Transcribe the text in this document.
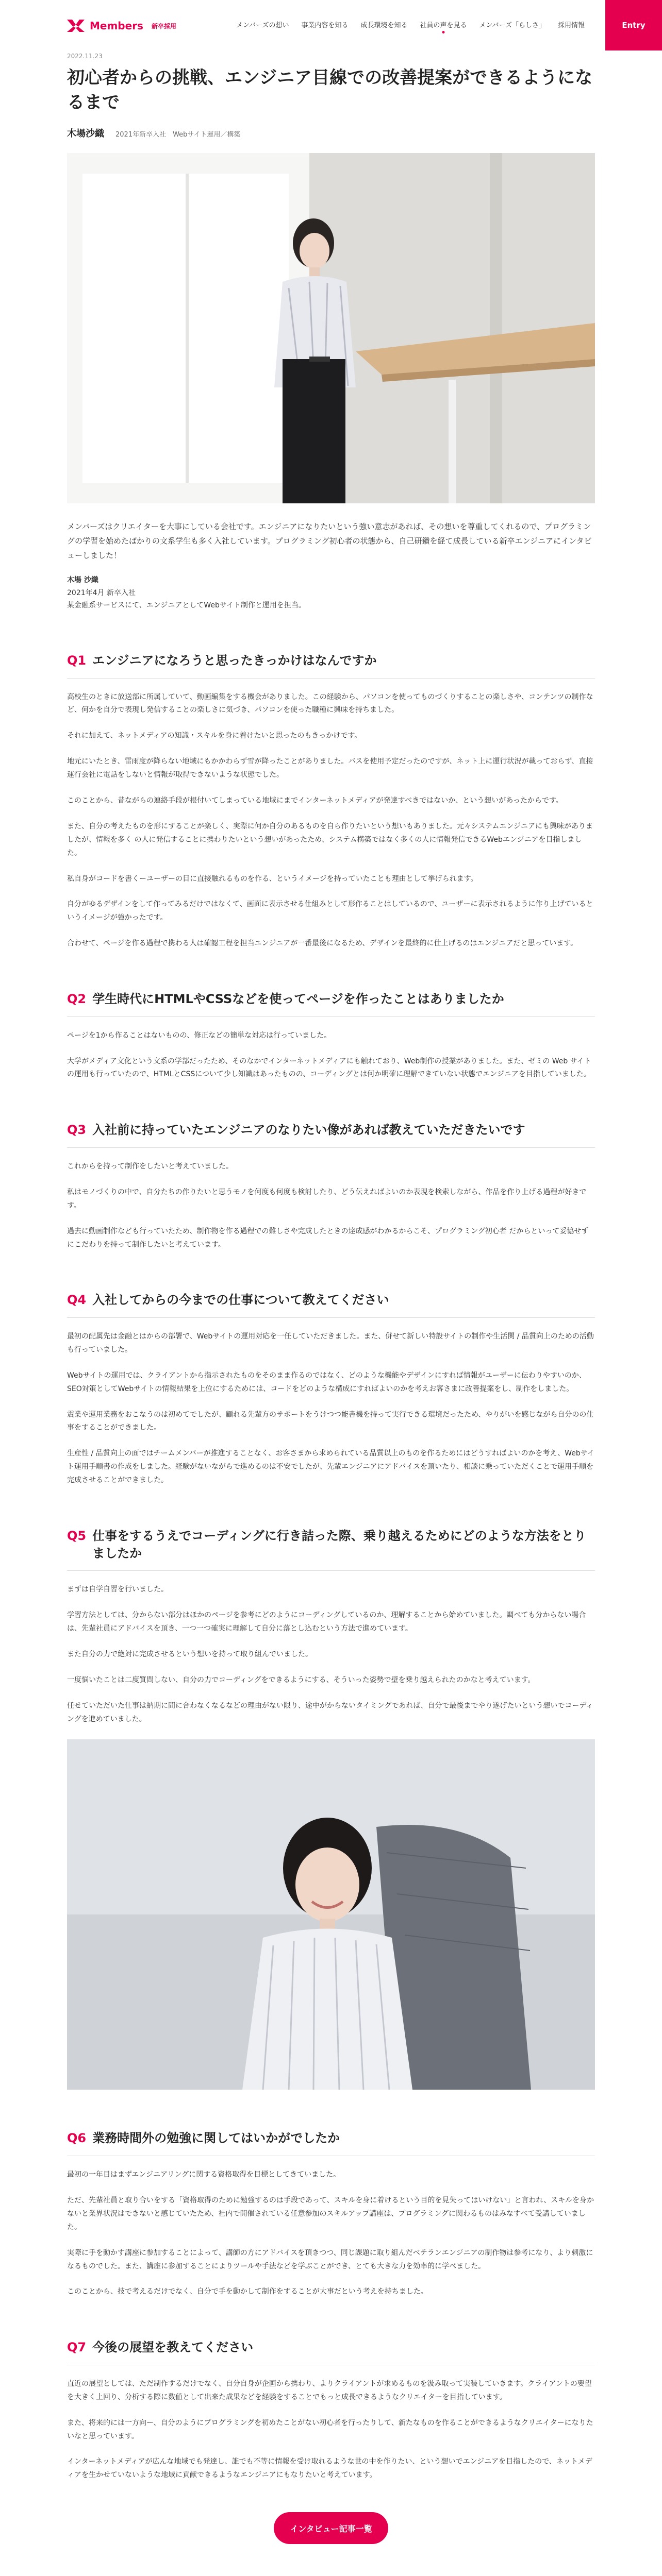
Members 新卒採用	メンバーズの想い 事業内容を知る 成長環境を知る 社員の声を見る メンバーズ「らしさ」 採用情報	Entry
2022.11.23
初心者からの挑戦、エンジニア目線での改善提案ができるようになるまで
木場沙織 2021年新卒入社　Webサイト運用／構築

メンバーズはクリエイターを大事にしている会社です。エンジニアになりたいという強い意志があれば、その想いを尊重してくれるので、プログラミングの学習を始めたばかりの文系学生も多く入社しています。プログラミング初心者の状態から、自己研鑽を経て成長している新卒エンジニアにインタビューしました！

木場 沙織
2021年4月 新卒入社
某金融系サービスにて、エンジニアとしてWebサイト制作と運用を担当。
Q1 エンジニアになろうと思ったきっかけはなんですか

高校生のときに放送部に所属していて、動画編集をする機会がありました。この経験から、パソコンを使ってものづくりすることの楽しさや、コンテンツの制作など、何かを自分で表現し発信することの楽しさに気づき、パソコンを使った職種に興味を持ちました。

それに加えて、ネットメディアの知識・スキルを身に着けたいと思ったのもきっかけです。

地元にいたとき、雷雨度が降らない地域にもかかわらず雪が降ったことがありました。バスを使用予定だったのですが、ネット上に運行状況が載っておらず、直接運行会社に電話をしないと情報が取得できないような状態でした。

このことから、昔ながらの連絡手段が根付いてしまっている地域にまでインターネットメディアが発達すべきではないか、という想いがあったからです。

また、自分の考えたものを形にすることが楽しく、実際に何か自分のあるものを自ら作りたいという想いもありました。元々システムエンジニアにも興味がありましたが、情報を多く の人に発信することに携わりたいという想いがあったため、システム構築ではなく多くの人に情報発信できるWebエンジニアを目指しました。

私自身がコードを書くーユーザーの目に直接触れるものを作る、というイメージを持っていたことも理由として挙げられます。

自分がゆるデザインをして作ってみるだけではなくて、画面に表示させる仕組みとして形作ることはしているので、ユーザーに表示されるように作り上げているというイメージが強かったです。

合わせて、ページを作る過程で携わる人は確認工程を担当エンジニアが一番最後になるため、デザインを最終的に仕上げるのはエンジニアだと思っています。

Q2 学生時代にHTMLやCSSなどを使ってページを作ったことはありましたか

ページを1から作ることはないものの、修正などの簡単な対応は行っていました。

大学がメディア文化という文系の学部だったため、そのなかでインターネットメディアにも触れており、Web制作の授業がありました。また、ゼミの Web サイトの運用も行っていたので、HTMLとCSSについて少し知識はあったものの、コーディングとは何か明確に理解できていない状態でエンジニアを目指していました。

Q3 入社前に持っていたエンジニアのなりたい像があれば教えていただきたいです

これからを持って制作をしたいと考えていました。

私はモノづくりの中で、自分たちの作りたいと思うモノを何度も何度も検討したり、どう伝えればよいのか表現を検索しながら、作品を作り上げる過程が好きです。

過去に動画制作なども行っていたため、制作物を作る過程での難しさや完成したときの達成感がわかるからこそ、プログラミング初心者 だからといって妥協せずにこだわりを持って制作したいと考えています。

Q4 入社してからの今までの仕事について教えてください

最初の配属先は金融とはからの部署で、Webサイトの運用対応を一任していただきました。また、併せて新しい特設サイトの制作や生活関 / 品質向上のための活動も行っていました。

Webサイトの運用では、クライアントから指示されたものをそのまま作るのではなく、どのような機能やデザインにすれば情報がユーザーに伝わりやすいのか、SEO対策としてWebサイトの情報結果を上位にするためには、コードをどのような構成にすればよいのかを考えお客さまに改善提案をし、制作をしました。

震業や運用業務をおこなうのは初めてでしたが、顧れる先輩方のサポートをうけつつ能書機を持って実行できる環境だったため、やりがいを感じながら自分のの仕事をすることができました。

生産性 / 品質向上の面ではチームメンバーが推進することなく、お客さまから求められている品質以上のものを作るためにはどうすればよいのかを考え、Webサイト運用手順書の作成をしました。経験がないながらで進めるのは不安でしたが、先輩エンジニアにアドバイスを頂いたり、相談に乗っていただくことで運用手順を完成させることができました。

Q5 仕事をするうえでコーディングに行き詰った際、乗り越えるためにどのような方法をとりましたか

まずは自学自習を行いました。

学習方法としては、分からない部分はほかのページを参考にどのようにコーディングしているのか、理解することから始めていました。調べても分からない場合は、先輩社員にアドバイスを頂き、一つ一つ確実に理解して自分に落とし込むという方法で進めています。

また自分の力で絶対に完成させるという想いを持って取り組んでいました。

一度悩いたことは二度質問しない、自分の力でコーディングをできるようにする、そういった姿勢で壁を乗り越えられたのかなと考えています。

任せていただいた仕事は納期に間に合わなくなるなどの理由がない限り、途中がからないタイミングであれば、自分で最後までやり遂げたいという想いでコーディングを進めていました。

Q6 業務時間外の勉強に関してはいかがでしたか

最初の一年目はまずエンジニアリングに関する資格取得を目標としてきていました。

ただ、先輩社員と取り合いをする「資格取得のために勉強するのは手段であって、スキルを身に着けるという目的を見失ってはいけない」と言われ、スキルを身かないと業界状況はできないと感じていたため、社内で開催されている任意参加のスキルアップ講座は、プログラミングに関わるものはみなすべて受講していました。

実際に手を動かす講座に参加することによって、講師の方にアドバイスを頂きつつ、同じ課題に取り組んだベテランエンジニアの制作物は参考になり、より刺激になるものでした。また、講座に参加することによりツールや手法などを学ぶことができ、とても大きな力を効率的に学べました。

このことから、技で考えるだけでなく、自分で手を動かして制作をすることが大事だという考えを持ちました。

Q7 今後の展望を教えてください

直近の展望としては、ただ制作するだけでなく、自分自身が企画から携わり、よりクライアントが求めるものを汲み取って実装していきます。クライアントの要望を大きく上回り、分析する際に数値として出来た成果などを経験をすることでもっと成長できるようなクリエイターを目指しています。

また、将来的には一方向ー、自分のようにプログラミングを初めたことがない初心者を行ったりして、新たなものを作ることができるようなクリエイターになりたいなと思っています。

インターネットメディアが広んな地域でも発達し、誰でも不等に情報を受け取れるような世の中を作りたい、という想いでエンジニアを目指したので、ネットメディアを生かせていないような地域に貢献できるようなエンジニアにもなりたいと考えています。

インタビュー記事一覧
